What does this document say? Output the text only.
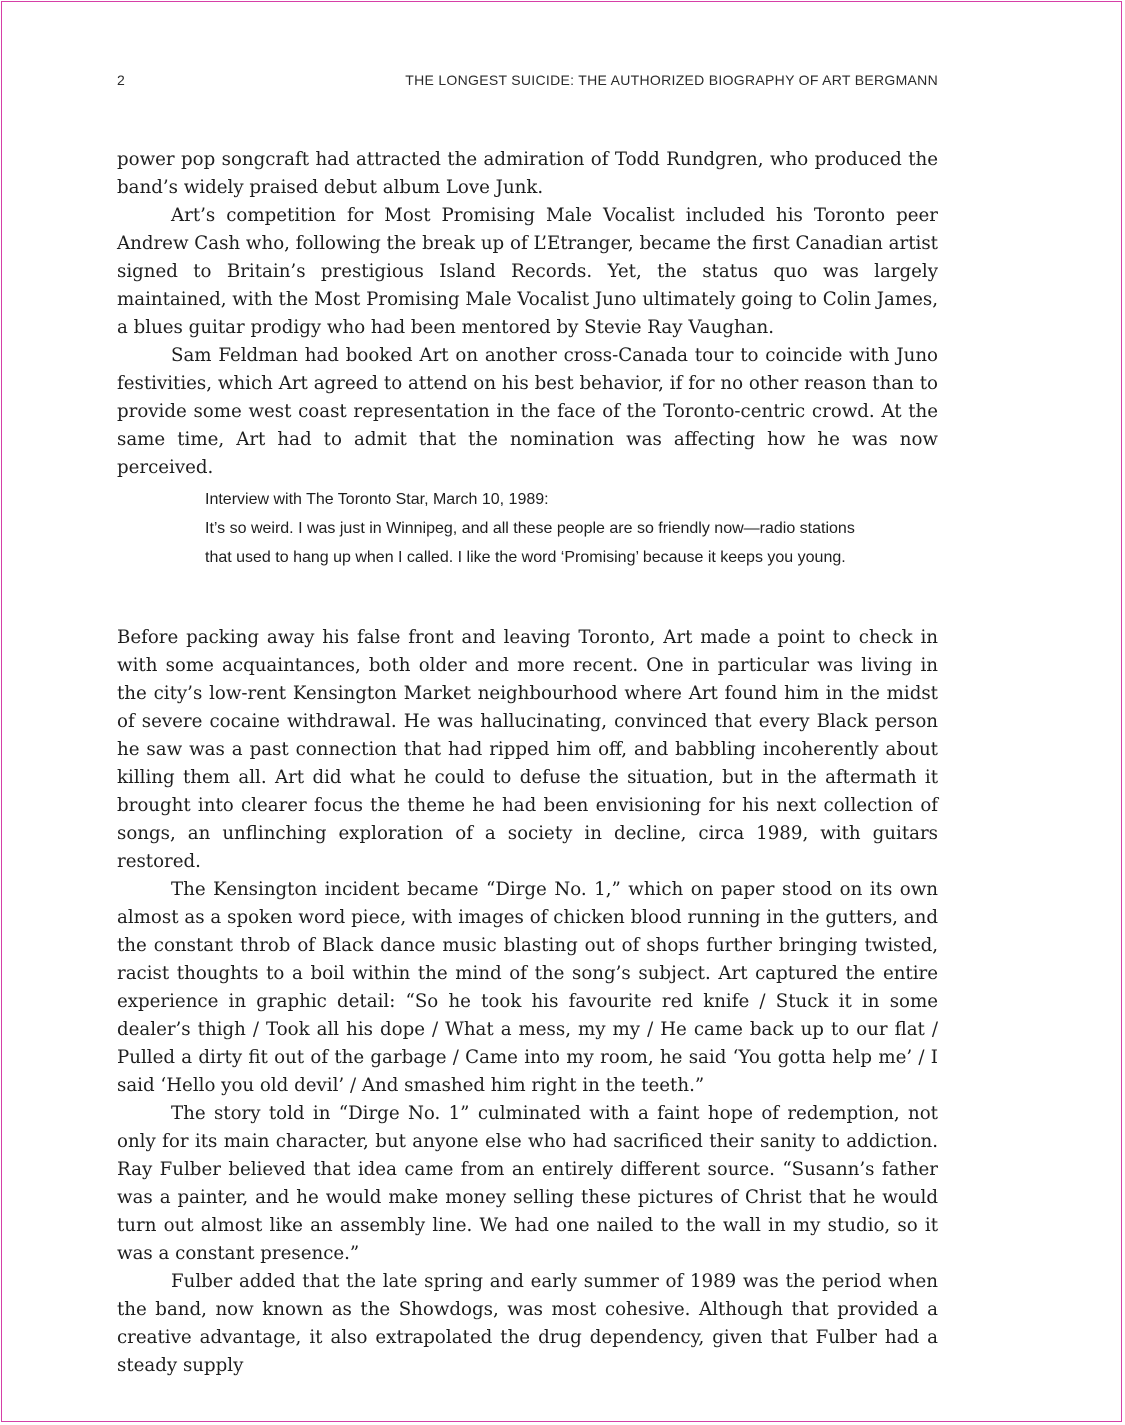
2	THE LONGEST SUICIDE: THE AUTHORIZED BIOGRAPHY OF ART BERGMANN

power pop songcraft had attracted the admiration of Todd Rundgren, who produced the band’s widely praised debut album Love Junk.

Art’s competition for Most Promising Male Vocalist included his Toronto peer Andrew Cash who, following the break up of L’Etranger, became the first Canadian artist signed to Britain’s prestigious Island Records. Yet, the status quo was largely maintained, with the Most Promising Male Vocalist Juno ultimately going to Colin James, a blues guitar prodigy who had been mentored by Stevie Ray Vaughan.

Sam Feldman had booked Art on another cross-Canada tour to coincide with Juno festivities, which Art agreed to attend on his best behavior, if for no other reason than to provide some west coast representation in the face of the Toronto-centric crowd. At the same time, Art had to admit that the nomination was affecting how he was now perceived.

Interview with The Toronto Star, March 10, 1989:
It’s so weird. I was just in Winnipeg, and all these people are so friendly now—radio stations that used to hang up when I called. I like the word ‘Promising’ because it keeps you young.

Before packing away his false front and leaving Toronto, Art made a point to check in with some acquaintances, both older and more recent. One in particular was living in the city’s low-rent Kensington Market neighbourhood where Art found him in the midst of severe cocaine withdrawal. He was hallucinating, convinced that every Black person he saw was a past connection that had ripped him off, and babbling incoherently about killing them all. Art did what he could to defuse the situation, but in the aftermath it brought into clearer focus the theme he had been envisioning for his next collection of songs, an unflinching exploration of a society in decline, circa 1989, with guitars restored.

The Kensington incident became “Dirge No. 1,” which on paper stood on its own almost as a spoken word piece, with images of chicken blood running in the gutters, and the constant throb of Black dance music blasting out of shops further bringing twisted, racist thoughts to a boil within the mind of the song’s subject. Art captured the entire experience in graphic detail: “So he took his favourite red knife / Stuck it in some dealer’s thigh / Took all his dope / What a mess, my my / He came back up to our flat / Pulled a dirty fit out of the garbage / Came into my room, he said ‘You gotta help me’ / I said ‘Hello you old devil’ / And smashed him right in the teeth.”

The story told in “Dirge No. 1” culminated with a faint hope of redemption, not only for its main character, but anyone else who had sacrificed their sanity to addiction. Ray Fulber believed that idea came from an entirely different source. “Susann’s father was a painter, and he would make money selling these pictures of Christ that he would turn out almost like an assembly line. We had one nailed to the wall in my studio, so it was a constant presence.”

Fulber added that the late spring and early summer of 1989 was the period when the band, now known as the Showdogs, was most cohesive. Although that provided a creative advantage, it also extrapolated the drug dependency, given that Fulber had a steady supply
